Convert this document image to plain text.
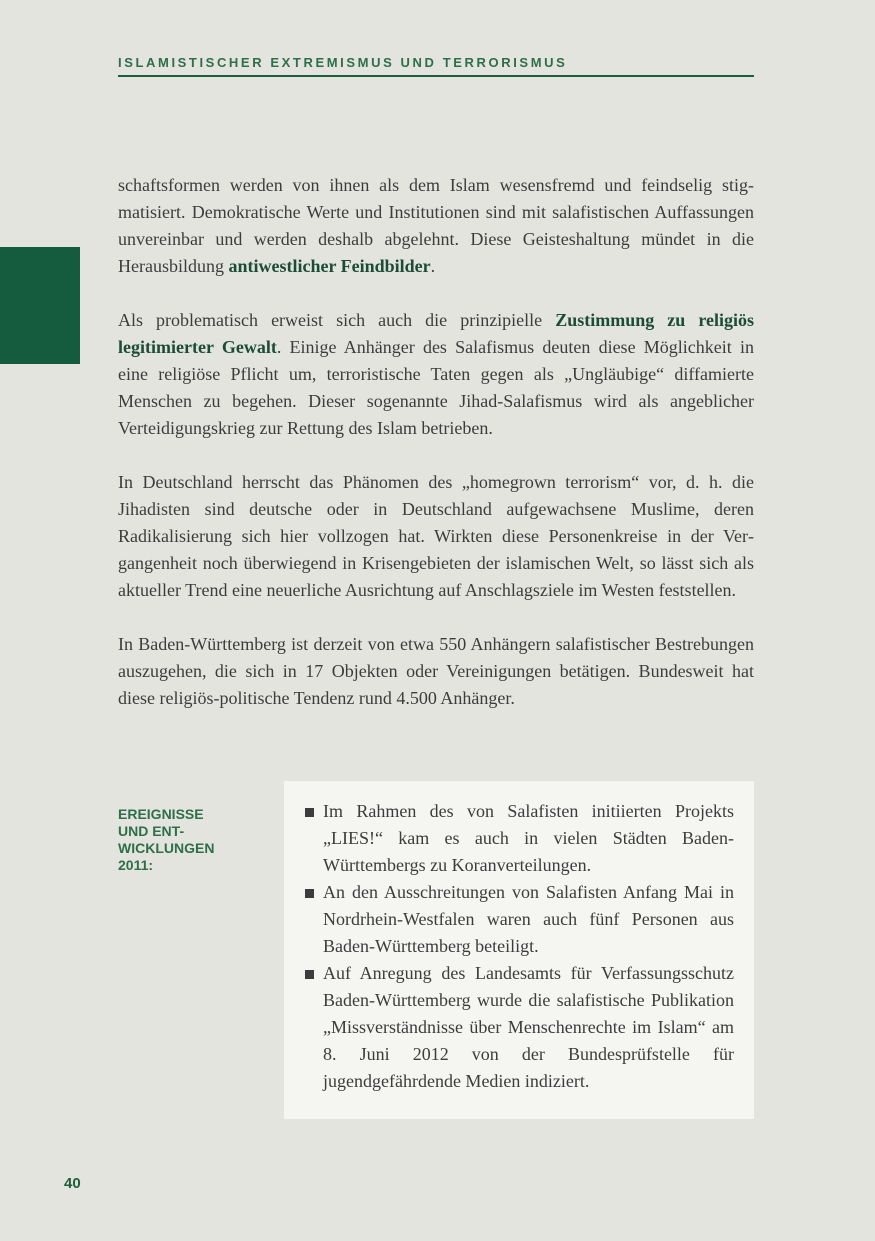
ISLAMISTISCHER EXTREMISMUS UND TERRORISMUS

schaftsformen werden von ihnen als dem Islam wesensfremd und feindselig stigmatisiert. Demokratische Werte und Institutionen sind mit salafistischen Auffassungen unvereinbar und werden deshalb abgelehnt. Diese Geisteshaltung mündet in die Herausbildung antiwestlicher Feindbilder.

Als problematisch erweist sich auch die prinzipielle Zustimmung zu religiös legitimierter Gewalt. Einige Anhänger des Salafismus deuten diese Möglichkeit in eine religiöse Pflicht um, terroristische Taten gegen als „Ungläubige“ diffamierte Menschen zu begehen. Dieser sogenannte Jihad-Salafismus wird als angeblicher Verteidigungskrieg zur Rettung des Islam betrieben.

In Deutschland herrscht das Phänomen des „homegrown terrorism“ vor, d. h. die Jihadisten sind deutsche oder in Deutschland aufgewachsene Muslime, deren Radikalisierung sich hier vollzogen hat. Wirkten diese Personenkreise in der Vergangenheit noch überwiegend in Krisengebieten der islamischen Welt, so lässt sich als aktueller Trend eine neuerliche Ausrichtung auf Anschlagsziele im Westen feststellen.

In Baden-Württemberg ist derzeit von etwa 550 Anhängern salafistischer Bestrebungen auszugehen, die sich in 17 Objekten oder Vereinigungen betätigen. Bundesweit hat diese religiös-politische Tendenz rund 4.500 Anhänger.

EREIGNISSE
UND ENT-
WICKLUNGEN
2011:
Im Rahmen des von Salafisten initiierten Projekts „LIES!“ kam es auch in vielen Städten Baden-Württembergs zu Koranverteilungen.
An den Ausschreitungen von Salafisten Anfang Mai in Nordrhein-Westfalen waren auch fünf Personen aus Baden-Württemberg beteiligt.
Auf Anregung des Landesamts für Verfassungsschutz Baden-Württemberg wurde die salafistische Publikation „Missverständnisse über Menschenrechte im Islam“ am 8. Juni 2012 von der Bundesprüfstelle für jugendgefährdende Medien indiziert.
40
